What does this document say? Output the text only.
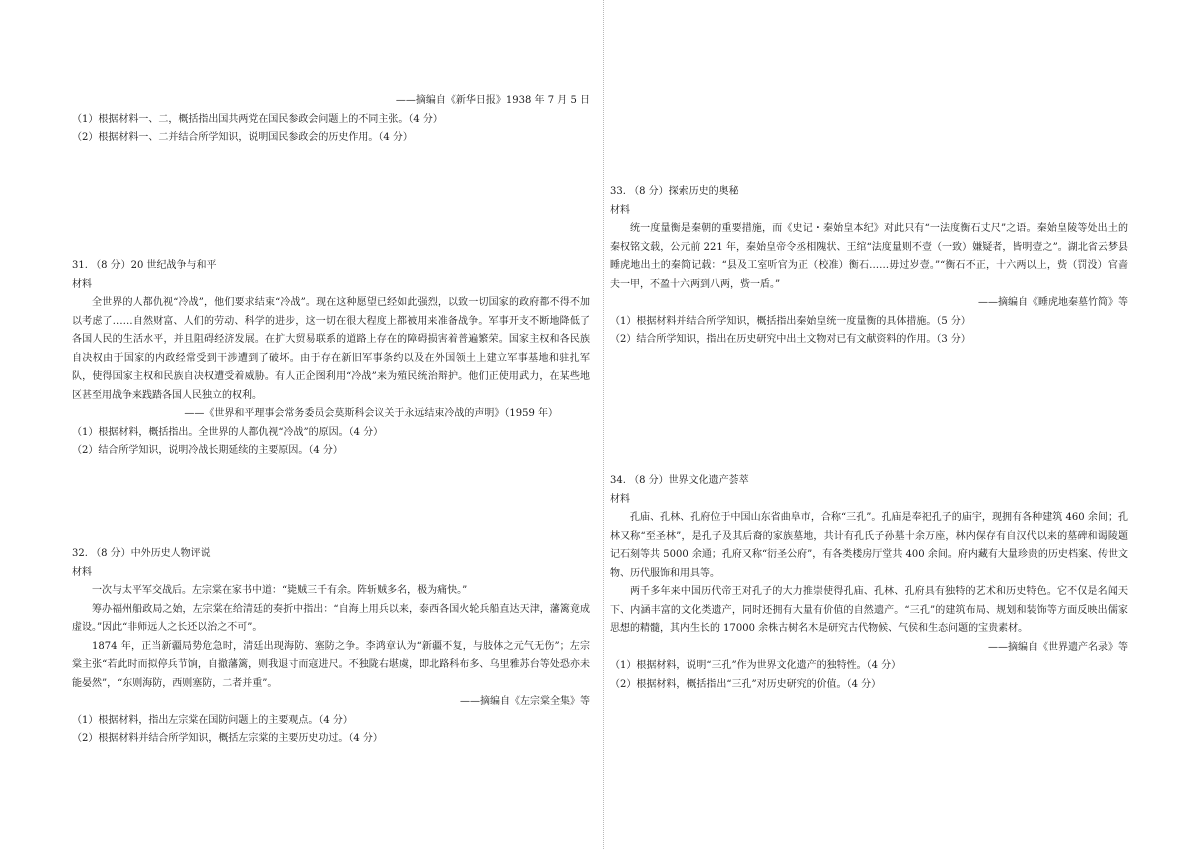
——摘编自《新华日报》1938 年 7 月 5 日

（1）根据材料一、二，概括指出国共两党在国民参政会问题上的不同主张。（4 分）

（2）根据材料一、二并结合所学知识，说明国民参政会的历史作用。（4 分）

31. （8 分）20 世纪战争与和平

材料

全世界的人都仇视“冷战”，他们要求结束“冷战”。现在这种愿望已经如此强烈，以致一切国家的政府都不得不加以考虑了……自然财富、人们的劳动、科学的进步，这一切在很大程度上都被用来准备战争。军事开支不断地降低了各国人民的生活水平，并且阻碍经济发展。在扩大贸易联系的道路上存在的障碍损害着普遍繁荣。国家主权和各民族自决权由于国家的内政经常受到干涉遭到了破坏。由于存在新旧军事条约以及在外国领土上建立军事基地和驻扎军队，使得国家主权和民族自决权遭受着威胁。有人正企图利用“冷战”来为殖民统治辩护。他们正使用武力，在某些地区甚至用战争来践踏各国人民独立的权利。

——《世界和平理事会常务委员会莫斯科会议关于永远结束冷战的声明》（1959 年）

（1）根据材料，概括指出。全世界的人都仇视“冷战”的原因。（4 分）

（2）结合所学知识，说明冷战长期延续的主要原因。（4 分）

32. （8 分）中外历史人物评说

材料

一次与太平军交战后。左宗棠在家书中道：“毙贼三千有余。阵斩贼多名，极为痛快。”

筹办福州船政局之始，左宗棠在给清廷的奏折中指出：“自海上用兵以来，泰西各国火轮兵船直达天津，藩篱竟成虚设。”因此“非师远人之长还以治之不可”。

1874 年，正当新疆局势危急时，清廷出现海防、塞防之争。李鸿章认为“新疆不复，与肢体之元气无伤”；左宗棠主张“若此时而拟停兵节饷，自撤藩篱，则我退寸而寇进尺。不独陇右堪虞，即北路科布多、乌里雅苏台等处恐亦未能晏然”，“东则海防，西则塞防，二者并重”。

——摘编自《左宗棠全集》等

（1）根据材料，指出左宗棠在国防问题上的主要观点。（4 分）

（2）根据材料并结合所学知识，概括左宗棠的主要历史功过。（4 分）

33. （8 分）探索历史的奥秘

材料

统一度量衡是秦朝的重要措施，而《史记・秦始皇本纪》对此只有“一法度衡石丈尺”之语。秦始皇陵等处出土的秦权铭文载，公元前 221 年，秦始皇帝令丞相隗状、王绾“法度量则不壹（一致）嫌疑者，皆明壹之”。湖北省云梦县睡虎地出土的秦简记载：“县及工室听官为正（校准）衡石……毋过岁壹。”“衡石不正，十六两以上，赀（罚没）官啬夫一甲，不盈十六两到八两，赀一盾。”

——摘编自《睡虎地秦墓竹简》等

（1）根据材料并结合所学知识，概括指出秦始皇统一度量衡的具体措施。（5 分）

（2）结合所学知识，指出在历史研究中出土文物对已有文献资料的作用。（3 分）

34. （8 分）世界文化遗产荟萃

材料

孔庙、孔林、孔府位于中国山东省曲阜市，合称“三孔”。孔庙是奉祀孔子的庙宇，现拥有各种建筑 460 余间；孔林又称“至圣林”，是孔子及其后裔的家族墓地，共计有孔氏子孙墓十余万座，林内保存有自汉代以来的墓碑和谒陵题记石刻等共 5000 余通；孔府又称“衍圣公府”，有各类楼房厅堂共 400 余间。府内藏有大量珍贵的历史档案、传世文物、历代服饰和用具等。

两千多年来中国历代帝王对孔子的大力推崇使得孔庙、孔林、孔府具有独特的艺术和历史特色。它不仅是名闻天下、内涵丰富的文化类遗产，同时还拥有大量有价值的自然遗产。“三孔”的建筑布局、规划和装饰等方面反映出儒家思想的精髓，其内生长的 17000 余株古树名木是研究古代物候、气侯和生态问题的宝贵素材。

——摘编自《世界遗产名录》等

（1）根据材料，说明“三孔”作为世界文化遗产的独特性。（4 分）

（2）根据材料，概括指出“三孔”对历史研究的价值。（4 分）
